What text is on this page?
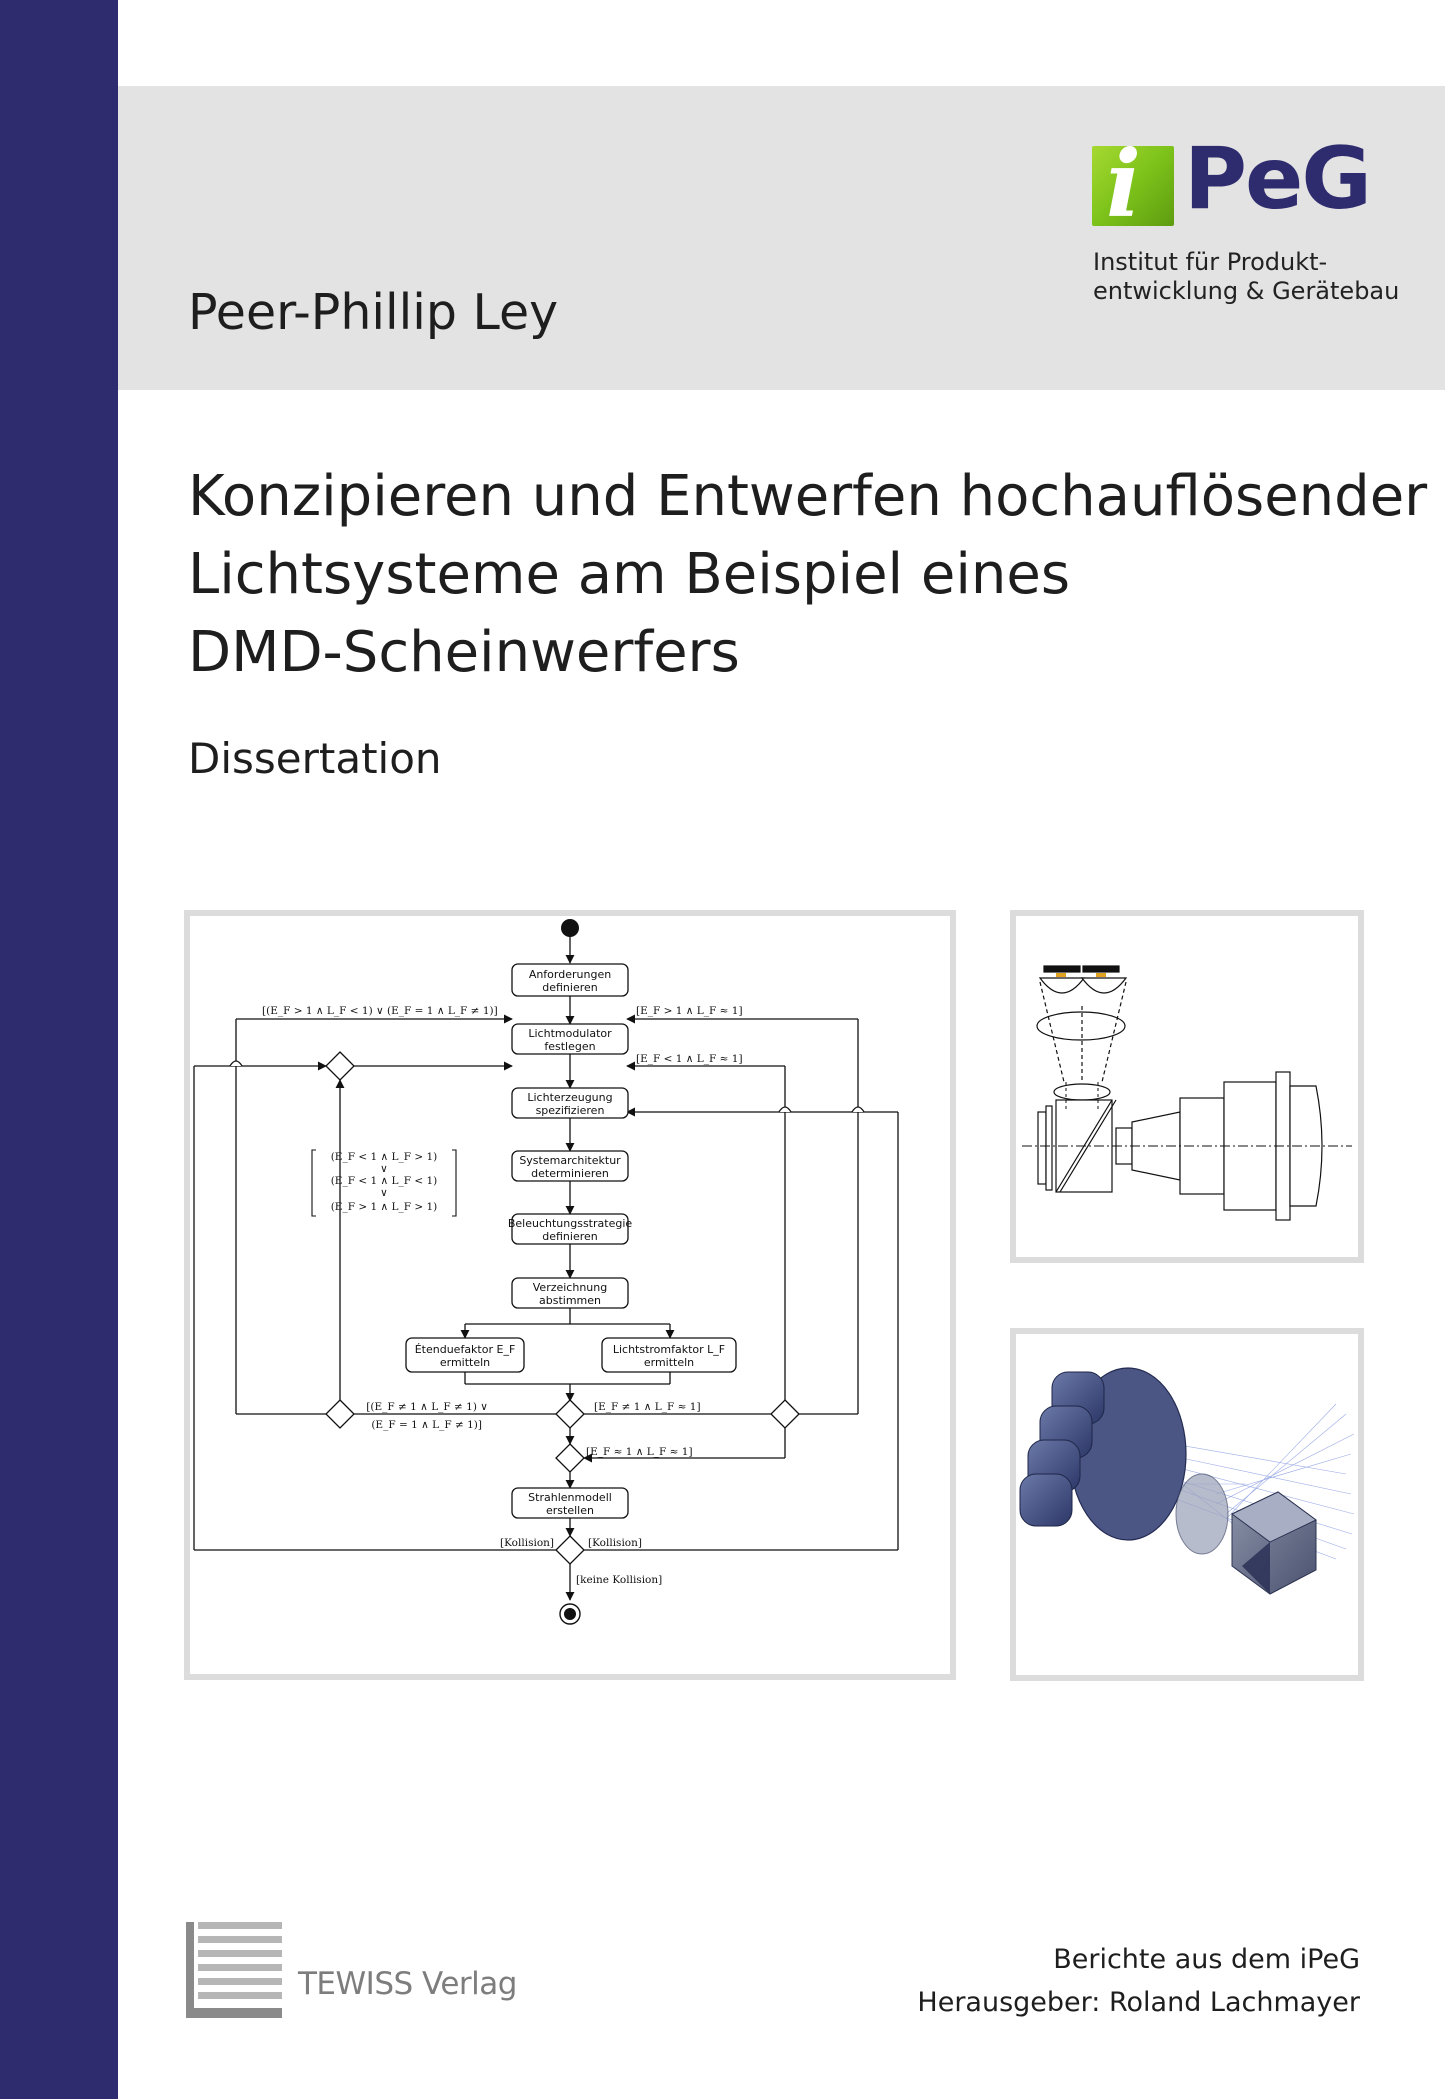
i PeG
Institut für Produkt-
entwicklung & Gerätebau
Peer-Phillip Ley
Konzipieren und Entwerfen hochauflösender
Lichtsysteme am Beispiel eines
DMD-Scheinwerfers
Dissertation
Anforderungen
definieren
Lichtmodulator
festlegen
Lichterzeugung
spezifizieren
Systemarchitektur
determinieren
Beleuchtungsstrategie
definieren
Verzeichnung
abstimmen
Étenduefaktor E_F
ermitteln
Lichtstromfaktor L_F
ermitteln
Strahlenmodell
erstellen
[(E_F > 1 ∧ L_F < 1) ∨ (E_F = 1 ∧ L_F ≠ 1)]	[E_F > 1 ∧ L_F ≈ 1]
[E_F < 1 ∧ L_F ≈ 1]
[(E_F ≠ 1 ∧ L_F ≠ 1) ∨
(E_F = 1 ∧ L_F ≠ 1)]
[E_F ≠ 1 ∧ L_F ≈ 1]
[E_F ≈ 1 ∧ L_F ≈ 1]
[Kollision]	[Kollision]
[keine Kollision]
(E_F < 1 ∧ L_F > 1)
∨
(E_F < 1 ∧ L_F < 1)
∨
(E_F > 1 ∧ L_F > 1)
TEWISS Verlag
Berichte aus dem iPeG
Herausgeber: Roland Lachmayer
